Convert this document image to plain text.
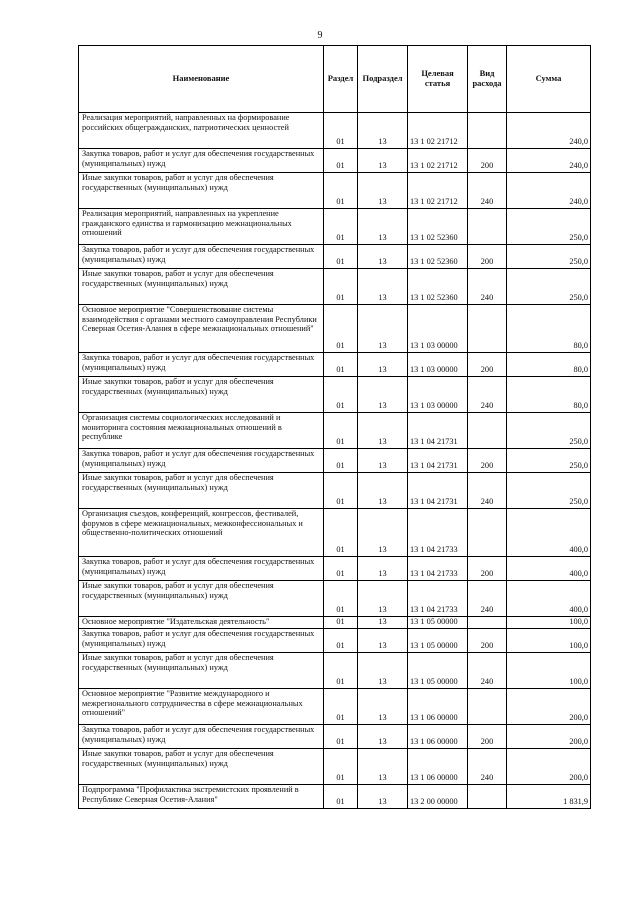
9
Наименование	Раздел	Подраздел	Целевая статья	Вид расхода	Сумма
Реализация мероприятий, направленных на формирование российских общегражданских, патриотических ценностей	01	13	13 1 02 21712		240,0
Закупка товаров, работ и услуг для обеспечения государственных (муниципальных) нужд	01	13	13 1 02 21712	200	240,0
Иные закупки товаров, работ и услуг для обеспечения государственных (муниципальных) нужд	01	13	13 1 02 21712	240	240,0
Реализация мероприятий, направленных на укрепление гражданского единства и гармонизацию межнациональных отношений	01	13	13 1 02 52360		250,0
Закупка товаров, работ и услуг для обеспечения государственных (муниципальных) нужд	01	13	13 1 02 52360	200	250,0
Иные закупки товаров, работ и услуг для обеспечения государственных (муниципальных) нужд	01	13	13 1 02 52360	240	250,0
Основное мероприятие "Совершенствование системы взаимодействия с органами местного самоуправления Республики Северная Осетия-Алания в сфере межнациональных отношений"	01	13	13 1 03 00000		80,0
Закупка товаров, работ и услуг для обеспечения государственных (муниципальных) нужд	01	13	13 1 03 00000	200	80,0
Иные закупки товаров, работ и услуг для обеспечения государственных (муниципальных) нужд	01	13	13 1 03 00000	240	80,0
Организация системы социологических исследований и мониторинга состояния межнациональных отношений в республике	01	13	13 1 04 21731		250,0
Закупка товаров, работ и услуг для обеспечения государственных (муниципальных) нужд	01	13	13 1 04 21731	200	250,0
Иные закупки товаров, работ и услуг для обеспечения государственных (муниципальных) нужд	01	13	13 1 04 21731	240	250,0
Организация съездов, конференций, конгрессов, фестивалей, форумов в сфере межнациональных, межконфессиональных и общественно-политических отношений	01	13	13 1 04 21733		400,0
Закупка товаров, работ и услуг для обеспечения государственных (муниципальных) нужд	01	13	13 1 04 21733	200	400,0
Иные закупки товаров, работ и услуг для обеспечения государственных (муниципальных) нужд	01	13	13 1 04 21733	240	400,0
Основное мероприятие "Издательская деятельность"	01	13	13 1 05 00000		100,0
Закупка товаров, работ и услуг для обеспечения государственных (муниципальных) нужд	01	13	13 1 05 00000	200	100,0
Иные закупки товаров, работ и услуг для обеспечения государственных (муниципальных) нужд	01	13	13 1 05 00000	240	100,0
Основное мероприятие "Развитие международного и межрегионального сотрудничества в сфере межнациональных отношений"	01	13	13 1 06 00000		200,0
Закупка товаров, работ и услуг для обеспечения государственных (муниципальных) нужд	01	13	13 1 06 00000	200	200,0
Иные закупки товаров, работ и услуг для обеспечения государственных (муниципальных) нужд	01	13	13 1 06 00000	240	200,0
Подпрограмма "Профилактика экстремистских проявлений в Республике Северная Осетия-Алания"	01	13	13 2 00 00000		1 831,9
